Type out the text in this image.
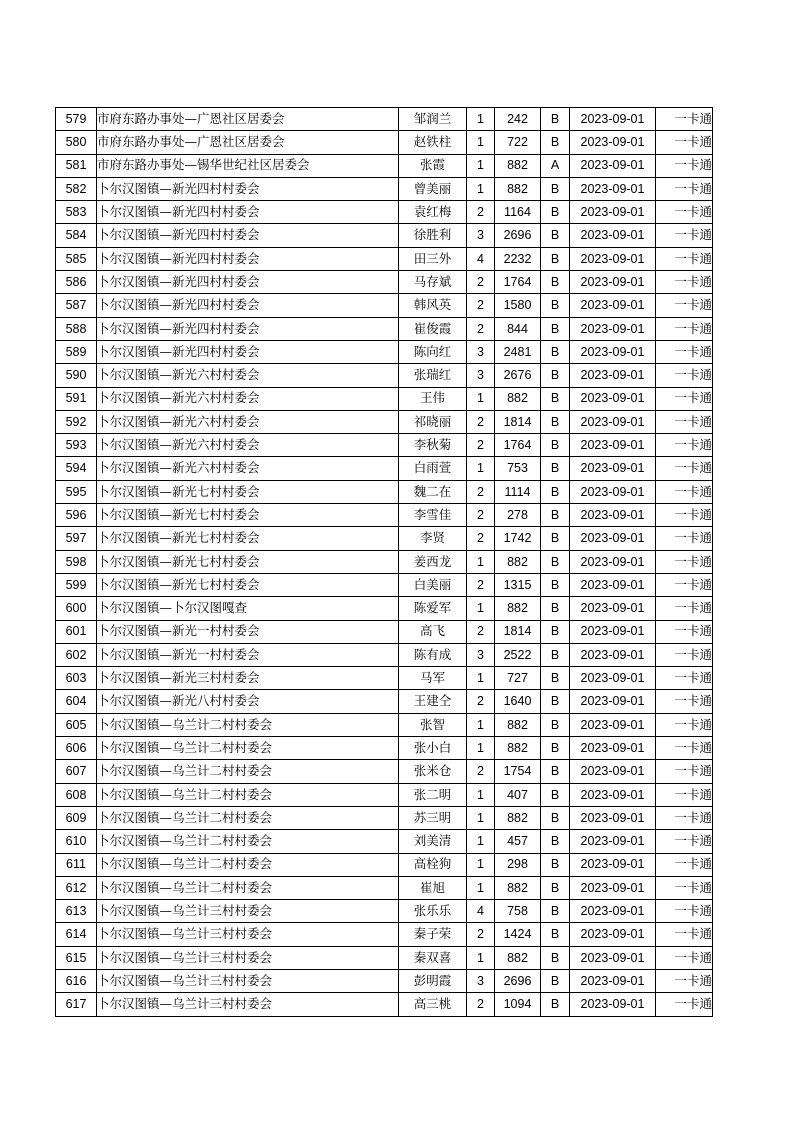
579	市府东路办事处—广恩社区居委会	邹润兰	1	242	B	2023-09-01	一卡通
580	市府东路办事处—广恩社区居委会	赵铁柱	1	722	B	2023-09-01	一卡通
581	市府东路办事处—锡华世纪社区居委会	张霞	1	882	A	2023-09-01	一卡通
582	卜尔汉图镇—新光四村村委会	曾美丽	1	882	B	2023-09-01	一卡通
583	卜尔汉图镇—新光四村村委会	袁红梅	2	1164	B	2023-09-01	一卡通
584	卜尔汉图镇—新光四村村委会	徐胜利	3	2696	B	2023-09-01	一卡通
585	卜尔汉图镇—新光四村村委会	田三外	4	2232	B	2023-09-01	一卡通
586	卜尔汉图镇—新光四村村委会	马存斌	2	1764	B	2023-09-01	一卡通
587	卜尔汉图镇—新光四村村委会	韩风英	2	1580	B	2023-09-01	一卡通
588	卜尔汉图镇—新光四村村委会	崔俊霞	2	844	B	2023-09-01	一卡通
589	卜尔汉图镇—新光四村村委会	陈向红	3	2481	B	2023-09-01	一卡通
590	卜尔汉图镇—新光六村村委会	张瑞红	3	2676	B	2023-09-01	一卡通
591	卜尔汉图镇—新光六村村委会	王伟	1	882	B	2023-09-01	一卡通
592	卜尔汉图镇—新光六村村委会	祁晓丽	2	1814	B	2023-09-01	一卡通
593	卜尔汉图镇—新光六村村委会	李秋菊	2	1764	B	2023-09-01	一卡通
594	卜尔汉图镇—新光六村村委会	白雨萱	1	753	B	2023-09-01	一卡通
595	卜尔汉图镇—新光七村村委会	魏二在	2	1114	B	2023-09-01	一卡通
596	卜尔汉图镇—新光七村村委会	李雪佳	2	278	B	2023-09-01	一卡通
597	卜尔汉图镇—新光七村村委会	李贤	2	1742	B	2023-09-01	一卡通
598	卜尔汉图镇—新光七村村委会	姜西龙	1	882	B	2023-09-01	一卡通
599	卜尔汉图镇—新光七村村委会	白美丽	2	1315	B	2023-09-01	一卡通
600	卜尔汉图镇—卜尔汉图嘎查	陈爱军	1	882	B	2023-09-01	一卡通
601	卜尔汉图镇—新光一村村委会	高飞	2	1814	B	2023-09-01	一卡通
602	卜尔汉图镇—新光一村村委会	陈有成	3	2522	B	2023-09-01	一卡通
603	卜尔汉图镇—新光三村村委会	马军	1	727	B	2023-09-01	一卡通
604	卜尔汉图镇—新光八村村委会	王建仝	2	1640	B	2023-09-01	一卡通
605	卜尔汉图镇—乌兰计二村村委会	张智	1	882	B	2023-09-01	一卡通
606	卜尔汉图镇—乌兰计二村村委会	张小白	1	882	B	2023-09-01	一卡通
607	卜尔汉图镇—乌兰计二村村委会	张米仓	2	1754	B	2023-09-01	一卡通
608	卜尔汉图镇—乌兰计二村村委会	张二明	1	407	B	2023-09-01	一卡通
609	卜尔汉图镇—乌兰计二村村委会	苏三明	1	882	B	2023-09-01	一卡通
610	卜尔汉图镇—乌兰计二村村委会	刘美清	1	457	B	2023-09-01	一卡通
611	卜尔汉图镇—乌兰计二村村委会	高栓狗	1	298	B	2023-09-01	一卡通
612	卜尔汉图镇—乌兰计二村村委会	崔旭	1	882	B	2023-09-01	一卡通
613	卜尔汉图镇—乌兰计三村村委会	张乐乐	4	758	B	2023-09-01	一卡通
614	卜尔汉图镇—乌兰计三村村委会	秦子荣	2	1424	B	2023-09-01	一卡通
615	卜尔汉图镇—乌兰计三村村委会	秦双喜	1	882	B	2023-09-01	一卡通
616	卜尔汉图镇—乌兰计三村村委会	彭明霞	3	2696	B	2023-09-01	一卡通
617	卜尔汉图镇—乌兰计三村村委会	高三桃	2	1094	B	2023-09-01	一卡通
